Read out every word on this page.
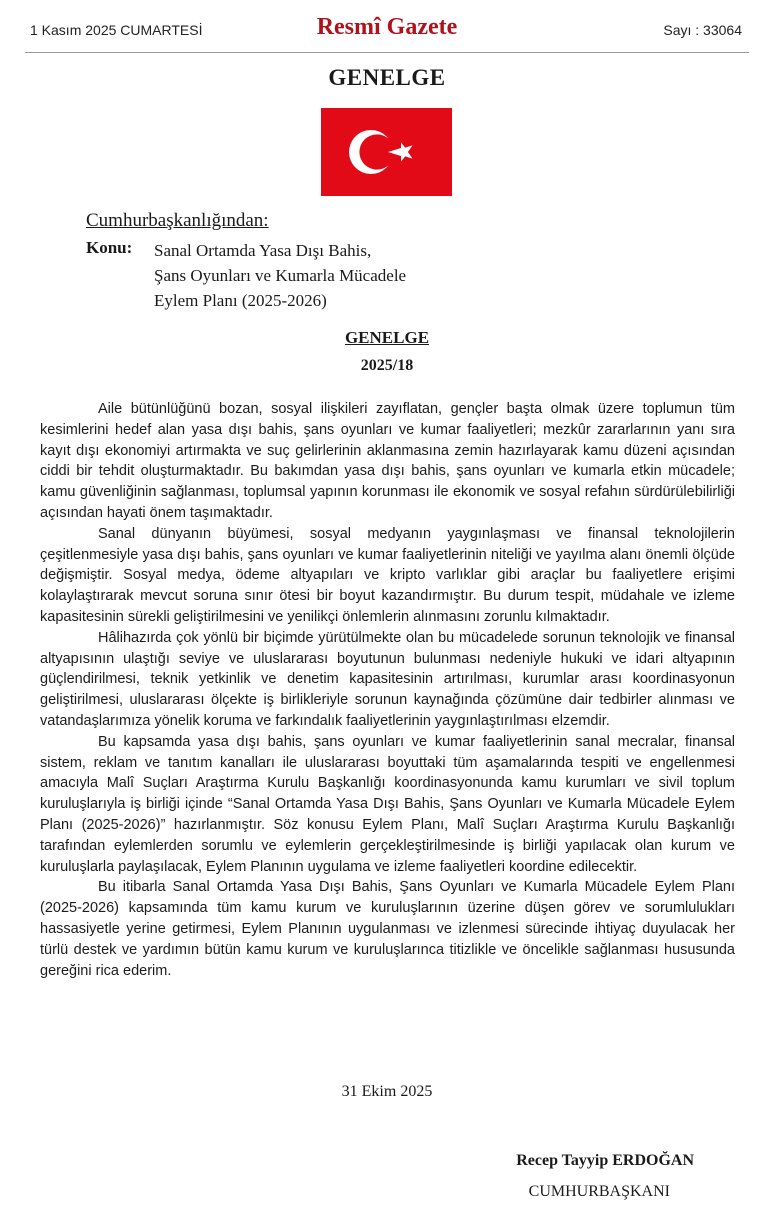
1 Kasım 2025 CUMARTESİ	Resmî Gazete	Sayı : 33064
GENELGE
Cumhurbaşkanlığından:
Konu: Sanal Ortamda Yasa Dışı Bahis,
Şans Oyunları ve Kumarla Mücadele
Eylem Planı (2025-2026)
GENELGE
2025/18

Aile bütünlüğünü bozan, sosyal ilişkileri zayıflatan, gençler başta olmak üzere toplumun tüm kesimlerini hedef alan yasa dışı bahis, şans oyunları ve kumar faaliyetleri; mezkûr zararlarının yanı sıra kayıt dışı ekonomiyi artırmakta ve suç gelirlerinin aklanmasına zemin hazırlayarak kamu düzeni açısından ciddi bir tehdit oluşturmaktadır. Bu bakımdan yasa dışı bahis, şans oyunları ve kumarla etkin mücadele; kamu güvenliğinin sağlanması, toplumsal yapının korunması ile ekonomik ve sosyal refahın sürdürülebilirliği açısından hayati önem taşımaktadır.

Sanal dünyanın büyümesi, sosyal medyanın yaygınlaşması ve finansal teknolojilerin çeşitlenmesiyle yasa dışı bahis, şans oyunları ve kumar faaliyetlerinin niteliği ve yayılma alanı önemli ölçüde değişmiştir. Sosyal medya, ödeme altyapıları ve kripto varlıklar gibi araçlar bu faaliyetlere erişimi kolaylaştırarak mevcut soruna sınır ötesi bir boyut kazandırmıştır. Bu durum tespit, müdahale ve izleme kapasitesinin sürekli geliştirilmesini ve yenilikçi önlemlerin alınmasını zorunlu kılmaktadır.

Hâlihazırda çok yönlü bir biçimde yürütülmekte olan bu mücadelede sorunun teknolojik ve finansal altyapısının ulaştığı seviye ve uluslararası boyutunun bulunması nedeniyle hukuki ve idari altyapının güçlendirilmesi, teknik yetkinlik ve denetim kapasitesinin artırılması, kurumlar arası koordinasyonun geliştirilmesi, uluslararası ölçekte iş birlikleriyle sorunun kaynağında çözümüne dair tedbirler alınması ve vatandaşlarımıza yönelik koruma ve farkındalık faaliyetlerinin yaygınlaştırılması elzemdir.

Bu kapsamda yasa dışı bahis, şans oyunları ve kumar faaliyetlerinin sanal mecralar, finansal sistem, reklam ve tanıtım kanalları ile uluslararası boyuttaki tüm aşamalarında tespiti ve engellenmesi amacıyla Malî Suçları Araştırma Kurulu Başkanlığı koordinasyonunda kamu kurumları ve sivil toplum kuruluşlarıyla iş birliği içinde “Sanal Ortamda Yasa Dışı Bahis, Şans Oyunları ve Kumarla Mücadele Eylem Planı (2025-2026)” hazırlanmıştır. Söz konusu Eylem Planı, Malî Suçları Araştırma Kurulu Başkanlığı tarafından eylemlerden sorumlu ve eylemlerin gerçekleştirilmesinde iş birliği yapılacak olan kurum ve kuruluşlarla paylaşılacak, Eylem Planının uygulama ve izleme faaliyetleri koordine edilecektir.

Bu itibarla Sanal Ortamda Yasa Dışı Bahis, Şans Oyunları ve Kumarla Mücadele Eylem Planı (2025-2026) kapsamında tüm kamu kurum ve kuruluşlarının üzerine düşen görev ve sorumlulukları hassasiyetle yerine getirmesi, Eylem Planının uygulanması ve izlenmesi sürecinde ihtiyaç duyulacak her türlü destek ve yardımın bütün kamu kurum ve kuruluşlarınca titizlikle ve öncelikle sağlanması hususunda gereğini rica ederim.

31 Ekim 2025
Recep Tayyip ERDOĞAN
CUMHURBAŞKANI
